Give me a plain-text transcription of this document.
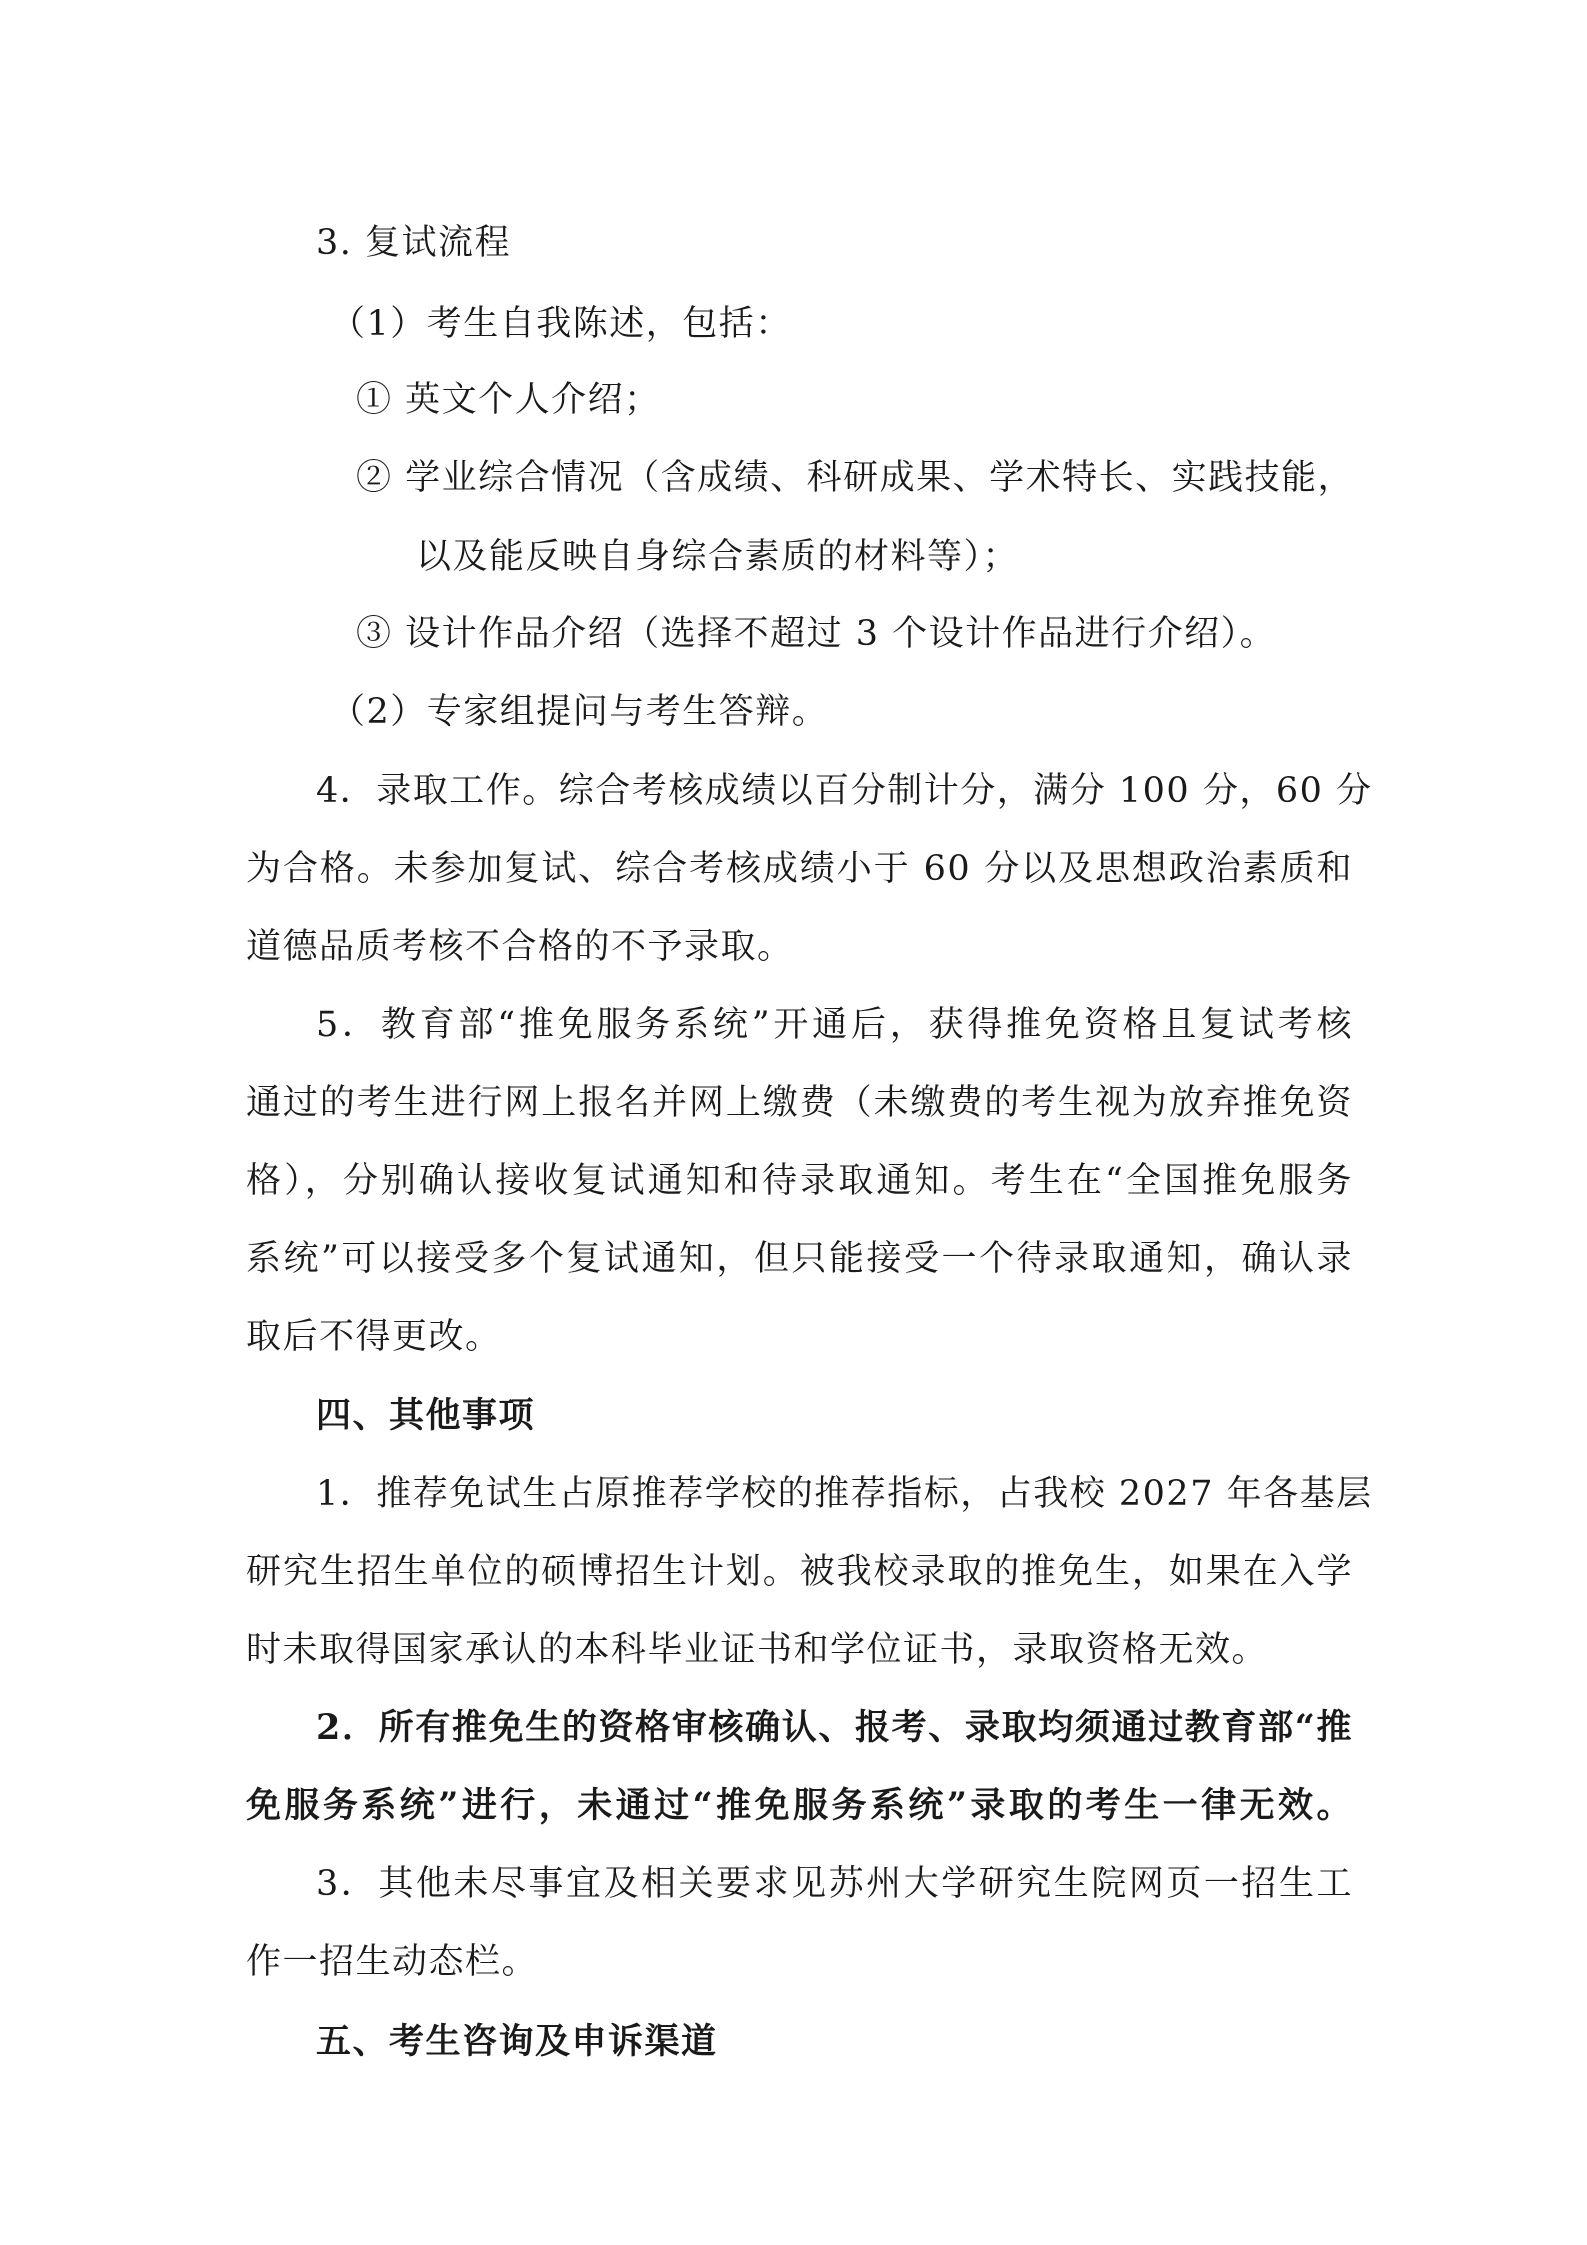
3. 复试流程
（1）考生自我陈述，包括：
① 英文个人介绍；
② 学业综合情况（含成绩、科研成果、学术特长、实践技能，
以及能反映自身综合素质的材料等）；
③ 设计作品介绍（选择不超过 3 个设计作品进行介绍）。
（2）专家组提问与考生答辩。
4．录取工作。综合考核成绩以百分制计分，满分 100 分，60 分
为合格。未参加复试、综合考核成绩小于 60 分以及思想政治素质和
道德品质考核不合格的不予录取。
5．教育部“推免服务系统”开通后，获得推免资格且复试考核
通过的考生进行网上报名并网上缴费（未缴费的考生视为放弃推免资
格），分别确认接收复试通知和待录取通知。考生在“全国推免服务
系统”可以接受多个复试通知，但只能接受一个待录取通知，确认录
取后不得更改。
四、其他事项
1．推荐免试生占原推荐学校的推荐指标，占我校 2027 年各基层
研究生招生单位的硕博招生计划。被我校录取的推免生，如果在入学
时未取得国家承认的本科毕业证书和学位证书，录取资格无效。
2．所有推免生的资格审核确认、报考、录取均须通过教育部“推
免服务系统”进行，未通过“推免服务系统”录取的考生一律无效。
3．其他未尽事宜及相关要求见苏州大学研究生院网页一招生工
作一招生动态栏。
五、考生咨询及申诉渠道
